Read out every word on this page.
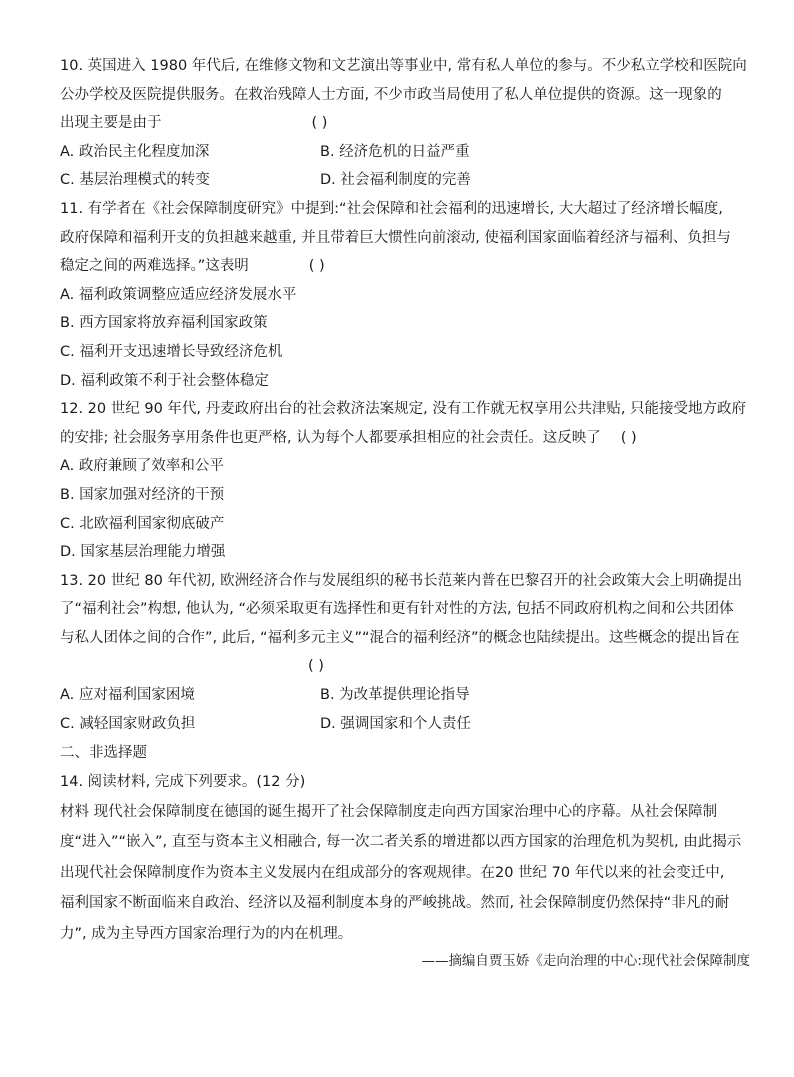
10. 英国进入 1980 年代后, 在维修文物和文艺演出等事业中, 常有私人单位的参与。不少私立学校和医院向
公办学校及医院提供服务。在救治残障人士方面, 不少市政当局使用了私人单位提供的资源。这一现象的
出现主要是由于	( )
A. 政治民主化程度加深	B. 经济危机的日益严重
C. 基层治理模式的转变	D. 社会福利制度的完善
11. 有学者在《社会保障制度研究》中提到:“社会保障和社会福利的迅速增长, 大大超过了经济增长幅度,
政府保障和福利开支的负担越来越重, 并且带着巨大惯性向前滚动, 使福利国家面临着经济与福利、负担与
稳定之间的两难选择。”这表明	( )
A. 福利政策调整应适应经济发展水平
B. 西方国家将放弃福利国家政策
C. 福利开支迅速增长导致经济危机
D. 福利政策不利于社会整体稳定
12. 20 世纪 90 年代, 丹麦政府出台的社会救济法案规定, 没有工作就无权享用公共津贴, 只能接受地方政府
的安排; 社会服务享用条件也更严格, 认为每个人都要承担相应的社会责任。这反映了 ( )
A. 政府兼顾了效率和公平
B. 国家加强对经济的干预
C. 北欧福利国家彻底破产
D. 国家基层治理能力增强
13. 20 世纪 80 年代初, 欧洲经济合作与发展组织的秘书长范莱内普在巴黎召开的社会政策大会上明确提出
了“福利社会”构想, 他认为, “必须采取更有选择性和更有针对性的方法, 包括不同政府机构之间和公共团体
与私人团体之间的合作”, 此后, “福利多元主义”“混合的福利经济”的概念也陆续提出。这些概念的提出旨在
( )
A. 应对福利国家困境	B. 为改革提供理论指导
C. 减轻国家财政负担	D. 强调国家和个人责任
二、非选择题
14. 阅读材料, 完成下列要求。(12 分)
材料 现代社会保障制度在德国的诞生揭开了社会保障制度走向西方国家治理中心的序幕。从社会保障制
度“进入”“嵌入”, 直至与资本主义相融合, 每一次二者关系的增进都以西方国家的治理危机为契机, 由此揭示
出现代社会保障制度作为资本主义发展内在组成部分的客观规律。在20 世纪 70 年代以来的社会变迁中,
福利国家不断面临来自政治、经济以及福利制度本身的严峻挑战。然而, 社会保障制度仍然保持“非凡的耐
力”, 成为主导西方国家治理行为的内在机理。
——摘编自贾玉娇《走向治理的中心:现代社会保障制度
